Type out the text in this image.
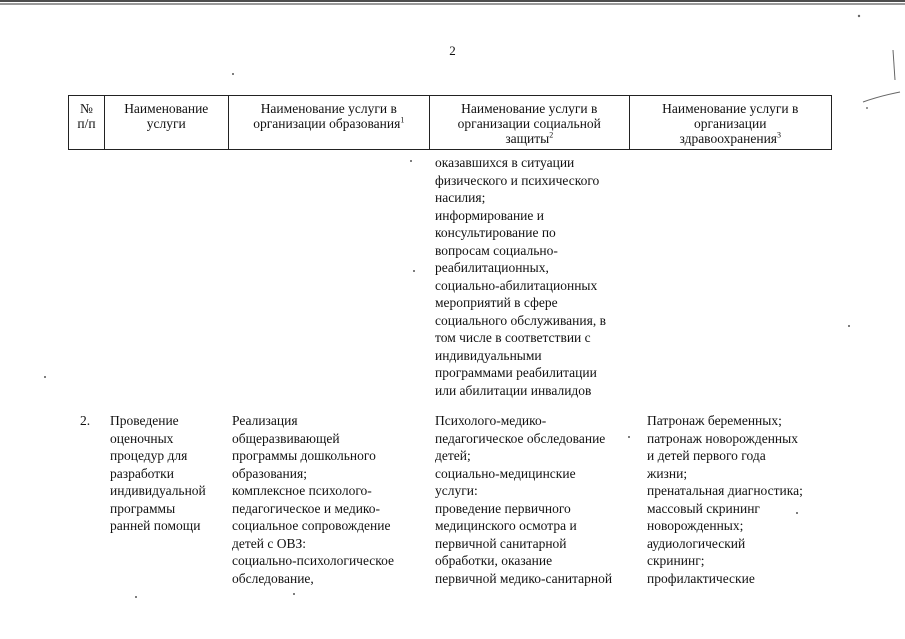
2
№
п/п
Наименование
услуги
Наименование услуги в
организации образования$^1$
Наименование услуги в
организации социальной
защиты$^2$
Наименование услуги в
организации
здравоохранения$^3$
оказавшихся в ситуации
физического и психического
насилия;
информирование и
консультирование по
вопросам социально-
реабилитационных,
социально-абилитационных
мероприятий в сфере
социального обслуживания, в
том числе в соответствии с
индивидуальными
программами реабилитации
или абилитации инвалидов
2. Проведение
оценочных
процедур для
разработки
индивидуальной
программы
ранней помощи
Реализация
общеразвивающей
программы дошкольного
образования;
комплексное психолого-
педагогическое и медико-
социальное сопровождение
детей с ОВЗ:
социально-психологическое
обследование,
Психолого-медико-
педагогическое обследование
детей;
социально-медицинские
услуги:
проведение первичного
медицинского осмотра и
первичной санитарной
обработки, оказание
первичной медико-санитарной
Патронаж беременных;
патронаж новорожденных
и детей первого года
жизни;
пренатальная диагностика;
массовый скрининг
новорожденных;
аудиологический
скрининг;
профилактические
